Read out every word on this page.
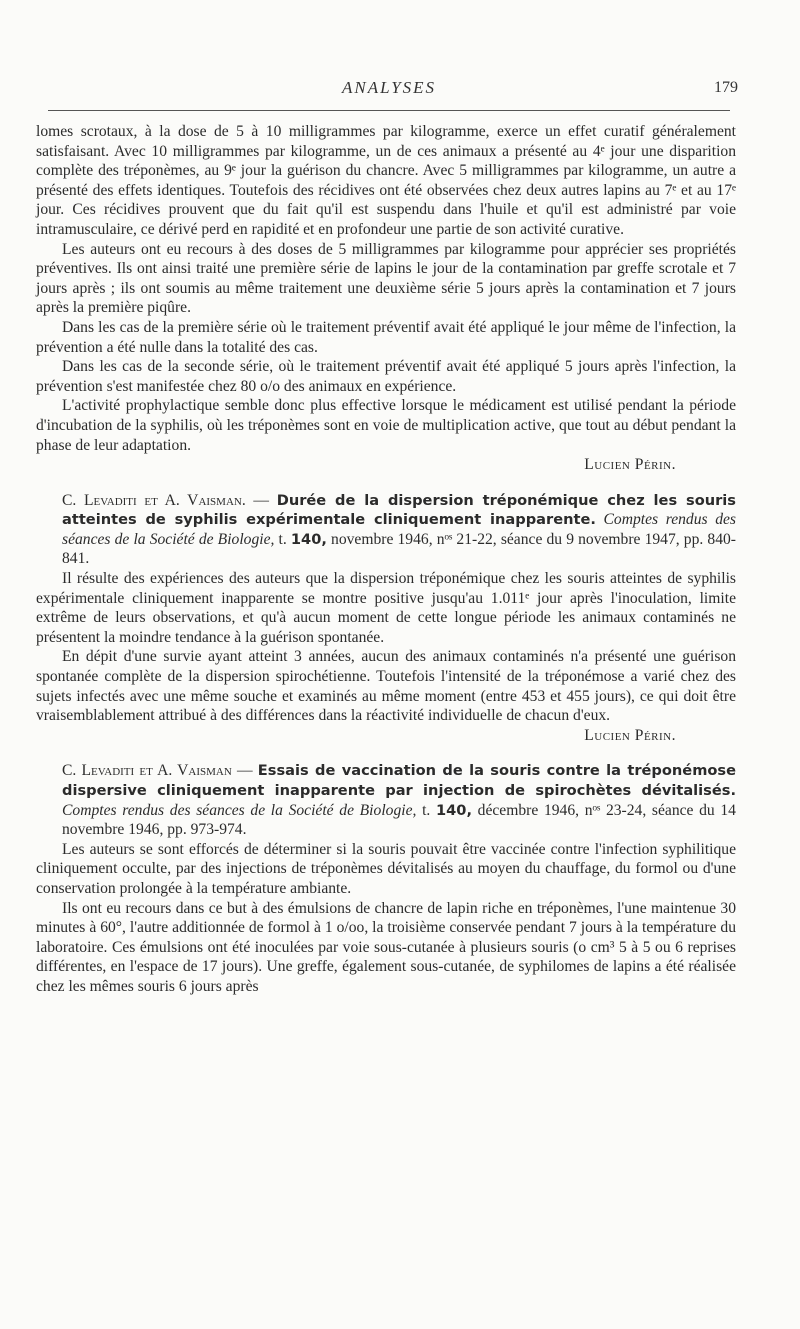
ANALYSES	179

lomes scrotaux, à la dose de 5 à 10 milligrammes par kilogramme, exerce un effet curatif généralement satisfaisant. Avec 10 milligrammes par kilogramme, un de ces animaux a présenté au 4ᵉ jour une disparition complète des tréponèmes, au 9ᵉ jour la guérison du chancre. Avec 5 milligrammes par kilogramme, un autre a présenté des effets identiques. Toutefois des récidives ont été observées chez deux autres lapins au 7ᵉ et au 17ᵉ jour. Ces récidives prouvent que du fait qu'il est suspendu dans l'huile et qu'il est administré par voie intramusculaire, ce dérivé perd en rapidité et en profondeur une partie de son activité curative.

Les auteurs ont eu recours à des doses de 5 milligrammes par kilogramme pour apprécier ses propriétés préventives. Ils ont ainsi traité une première série de lapins le jour de la contamination par greffe scrotale et 7 jours après ; ils ont soumis au même traitement une deuxième série 5 jours après la contamination et 7 jours après la première piqûre.

Dans les cas de la première série où le traitement préventif avait été appliqué le jour même de l'infection, la prévention a été nulle dans la totalité des cas.

Dans les cas de la seconde série, où le traitement préventif avait été appliqué 5 jours après l'infection, la prévention s'est manifestée chez 80 o/o des animaux en expérience.

L'activité prophylactique semble donc plus effective lorsque le médicament est utilisé pendant la période d'incubation de la syphilis, où les tréponèmes sont en voie de multiplication active, que tout au début pendant la phase de leur adaptation.

Lucien Périn.

C. Levaditi et A. Vaisman. — Durée de la dispersion tréponémique chez les souris atteintes de syphilis expérimentale cliniquement inapparente. Comptes rendus des séances de la Société de Biologie, t. 140, novembre 1946, nᵒˢ 21-22, séance du 9 novembre 1947, pp. 840-841.

Il résulte des expériences des auteurs que la dispersion tréponémique chez les souris atteintes de syphilis expérimentale cliniquement inapparente se montre positive jusqu'au 1.011ᵉ jour après l'inoculation, limite extrême de leurs observations, et qu'à aucun moment de cette longue période les animaux contaminés ne présentent la moindre tendance à la guérison spontanée.

En dépit d'une survie ayant atteint 3 années, aucun des animaux contaminés n'a présenté une guérison spontanée complète de la dispersion spirochétienne. Toutefois l'intensité de la tréponémose a varié chez des sujets infectés avec une même souche et examinés au même moment (entre 453 et 455 jours), ce qui doit être vraisemblablement attribué à des différences dans la réactivité individuelle de chacun d'eux.

Lucien Périn.

C. Levaditi et A. Vaisman — Essais de vaccination de la souris contre la tréponémose dispersive cliniquement inapparente par injection de spirochètes dévitalisés. Comptes rendus des séances de la Société de Biologie, t. 140, décembre 1946, nᵒˢ 23-24, séance du 14 novembre 1946, pp. 973-974.

Les auteurs se sont efforcés de déterminer si la souris pouvait être vaccinée contre l'infection syphilitique cliniquement occulte, par des injections de tréponèmes dévitalisés au moyen du chauffage, du formol ou d'une conservation prolongée à la température ambiante.

Ils ont eu recours dans ce but à des émulsions de chancre de lapin riche en tréponèmes, l'une maintenue 30 minutes à 60°, l'autre additionnée de formol à 1 o/oo, la troisième conservée pendant 7 jours à la température du laboratoire. Ces émulsions ont été inoculées par voie sous-cutanée à plusieurs souris (o cm³ 5 à 5 ou 6 reprises différentes, en l'espace de 17 jours). Une greffe, également sous-cutanée, de syphilomes de lapins a été réalisée chez les mêmes souris 6 jours après
